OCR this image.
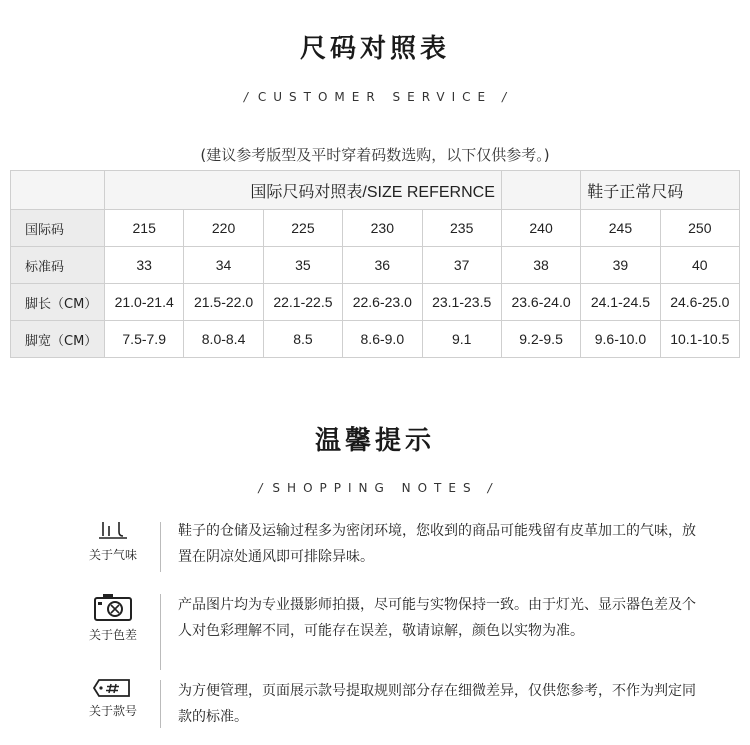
尺码对照表
/ CUSTOMER SERVICE /
(建议参考版型及平时穿着码数选购，以下仅供参考。)
	国际尺码对照表/SIZE REFERNCE						鞋子正常尺码	
国际码	215	220	225	230	235	240	245	250
标准码	33	34	35	36	37	38	39	40
脚长（CM）	21.0-21.4	21.5-22.0	22.1-22.5	22.6-23.0	23.1-23.5	23.6-24.0	24.1-24.5	24.6-25.0
脚宽（CM）	7.5-7.9	8.0-8.4	8.5	8.6-9.0	9.1	9.2-9.5	9.6-10.0	10.1-10.5
温馨提示
/ SHOPPING NOTES /
关于气味
鞋子的仓储及运输过程多为密闭环境，您收到的商品可能残留有皮革加工的气味，放置在阴凉处通风即可排除异味。
关于色差
产品图片均为专业摄影师拍摄，尽可能与实物保持一致。由于灯光、显示器色差及个人对色彩理解不同，可能存在误差，敬请谅解，颜色以实物为准。
关于款号
为方便管理，页面展示款号提取规则部分存在细微差异，仅供您参考，不作为判定同款的标准。
